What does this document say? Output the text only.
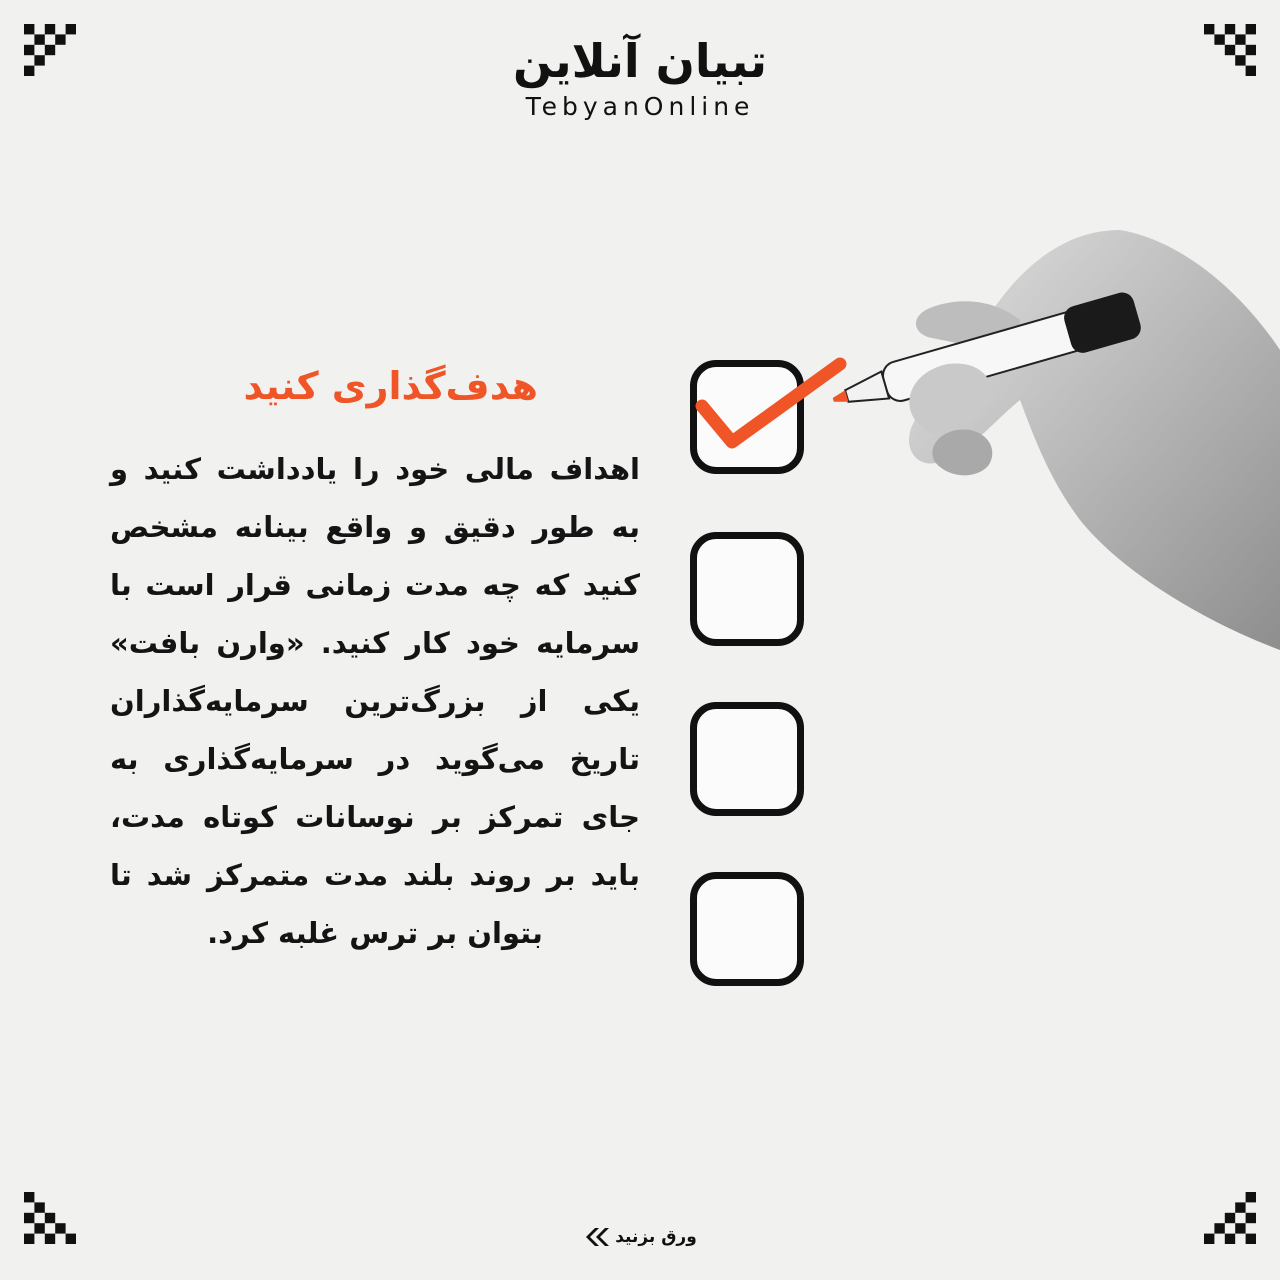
تبیان آنلاین
TebyanOnline
هدف‌گذاری کنید
اهداف مالی خود را یادداشت کنید و به طور دقیق و واقع بینانه مشخص کنید که چه مدت زمانی قرار است با سرمایه خود کار کنید. «وارن بافت» یکی از بزرگ‌ترین سرمایه‌گذاران تاریخ می‌گوید در سرمایه‌گذاری به جای تمرکز بر نوسانات کوتاه مدت، باید بر روند بلند مدت متمرکز شد تا بتوان بر ترس غلبه کرد.
ورق بزنید
